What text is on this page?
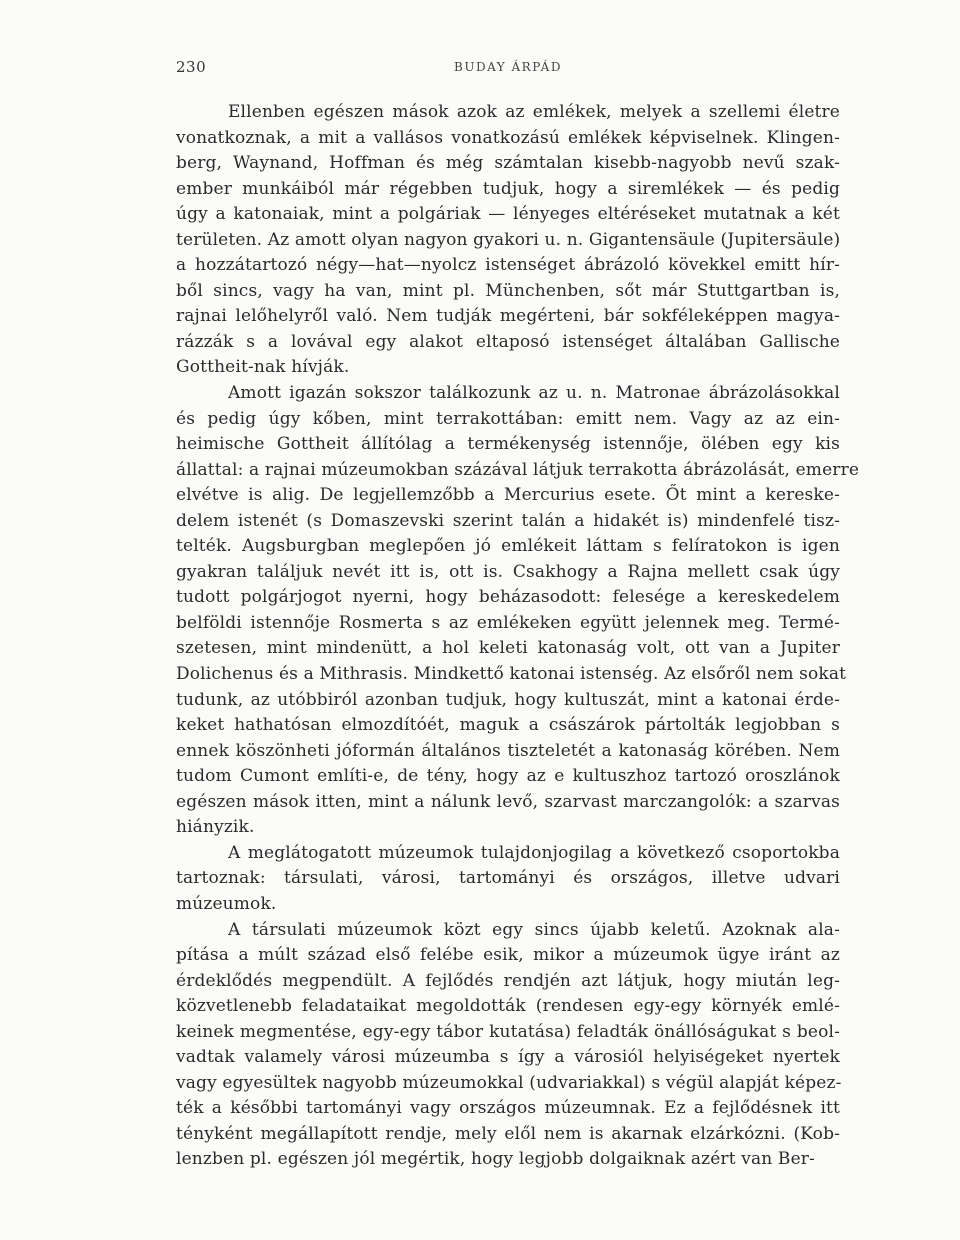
230	BUDAY ÁRPÁD
Ellenben egészen mások azok az emlékek, melyek a szellemi életre
vonatkoznak, a mit a vallásos vonatkozású emlékek képviselnek. Klingen-
berg, Waynand, Hoffman és még számtalan kisebb-nagyobb nevű szak-
ember munkáiból már régebben tudjuk, hogy a siremlékek — és pedig
úgy a katonaiak, mint a polgáriak — lényeges eltéréseket mutatnak a két
területen. Az amott olyan nagyon gyakori u. n. Gigantensäule (Jupitersäule)
a hozzátartozó négy—hat—nyolcz istenséget ábrázoló kövekkel emitt hír-
ből sincs, vagy ha van, mint pl. Münchenben, sőt már Stuttgartban is,
rajnai lelőhelyről való. Nem tudják megérteni, bár sokféleképpen magya-
rázzák s a lovával egy alakot eltaposó istenséget általában Gallische
Gottheit-nak hívják.
Amott igazán sokszor találkozunk az u. n. Matronae ábrázolásokkal
és pedig úgy kőben, mint terrakottában: emitt nem. Vagy az az ein-
heimische Gottheit állítólag a termékenység istennője, ölében egy kis
állattal: a rajnai múzeumokban százával látjuk terrakotta ábrázolását, emerre
elvétve is alig. De legjellemzőbb a Mercurius esete. Őt mint a kereske-
delem istenét (s Domaszevski szerint talán a hidakét is) mindenfelé tisz-
telték. Augsburgban meglepően jó emlékeit láttam s felíratokon is igen
gyakran találjuk nevét itt is, ott is. Csakhogy a Rajna mellett csak úgy
tudott polgárjogot nyerni, hogy beházasodott: felesége a kereskedelem
belföldi istennője Rosmerta s az emlékeken együtt jelennek meg. Termé-
szetesen, mint mindenütt, a hol keleti katonaság volt, ott van a Jupiter
Dolichenus és a Mithrasis. Mindkettő katonai istenség. Az elsőről nem sokat
tudunk, az utóbbiról azonban tudjuk, hogy kultuszát, mint a katonai érde-
keket hathatósan elmozdítóét, maguk a császárok pártolták legjobban s
ennek köszönheti jóformán általános tiszteletét a katonaság körében. Nem
tudom Cumont említi-e, de tény, hogy az e kultuszhoz tartozó oroszlánok
egészen mások itten, mint a nálunk levő, szarvast marczangolók: a szarvas
hiányzik.
A meglátogatott múzeumok tulajdonjogilag a következő csoportokba
tartoznak: társulati, városi, tartományi és országos, illetve udvari
múzeumok.
A társulati múzeumok közt egy sincs újabb keletű. Azoknak ala-
pítása a múlt század első felébe esik, mikor a múzeumok ügye iránt az
érdeklődés megpendült. A fejlődés rendjén azt látjuk, hogy miután leg-
közvetlenebb feladataikat megoldották (rendesen egy-egy környék emlé-
keinek megmentése, egy-egy tábor kutatása) feladták önállóságukat s beol-
vadtak valamely városi múzeumba s így a városiól helyiségeket nyertek
vagy egyesültek nagyobb múzeumokkal (udvariakkal) s végül alapját képez-
ték a későbbi tartományi vagy országos múzeumnak. Ez a fejlődésnek itt
tényként megállapított rendje, mely elől nem is akarnak elzárkózni. (Kob-
lenzben pl. egészen jól megértik, hogy legjobb dolgaiknak azért van Ber-
